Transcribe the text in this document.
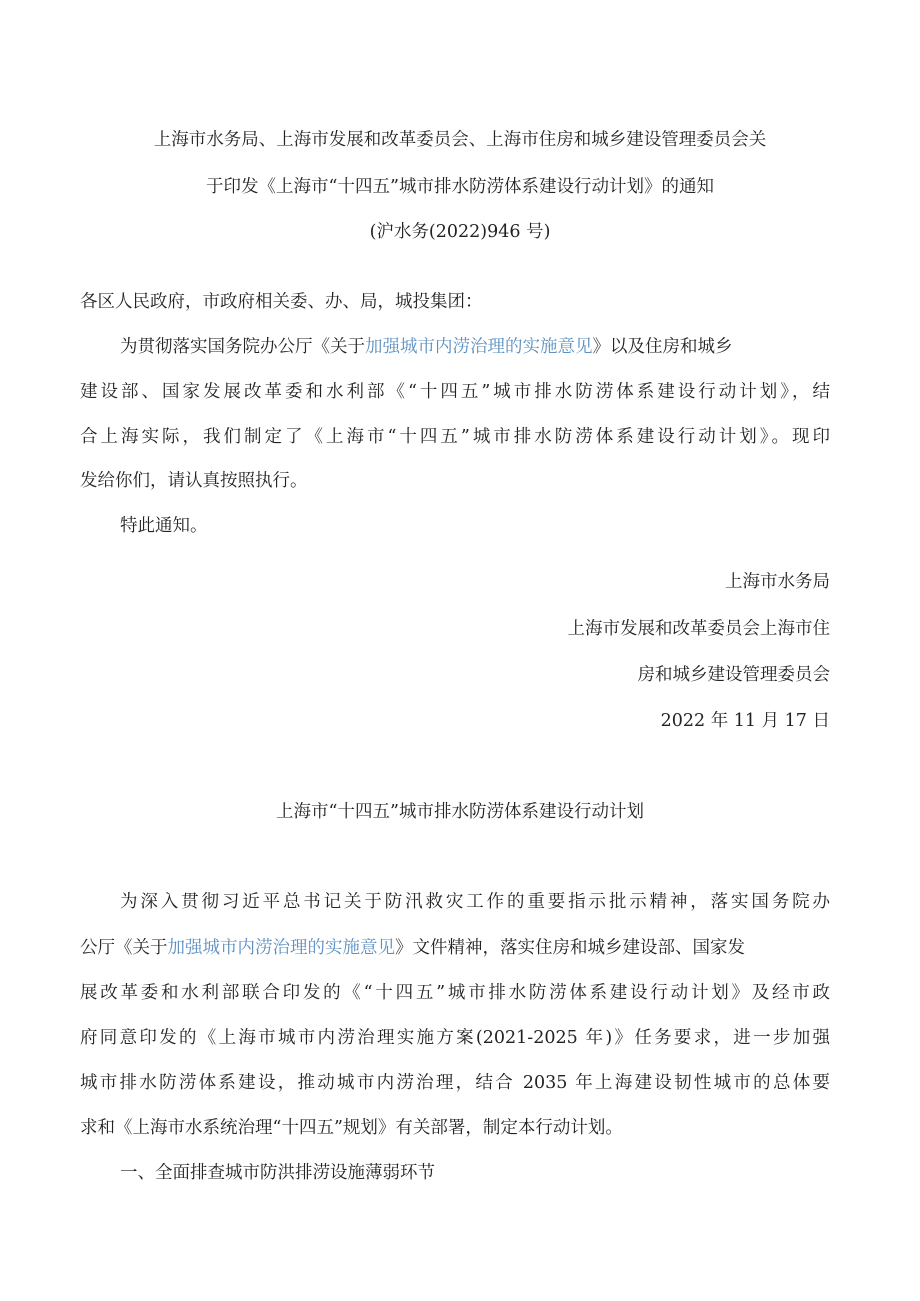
上海市水务局、上海市发展和改革委员会、上海市住房和城乡建设管理委员会关
于印发《上海市“十四五”城市排水防涝体系建设行动计划》的通知
(沪水务(2022)946 号)
各区人民政府，市政府相关委、办、局，城投集团：
为贯彻落实国务院办公厅《关于加强城市内涝治理的实施意见》以及住房和城乡
建设部、国家发展改革委和水利部《“十四五”城市排水防涝体系建设行动计划》，结
合上海实际，我们制定了《上海市“十四五”城市排水防涝体系建设行动计划》。现印
发给你们，请认真按照执行。
特此通知。
上海市水务局
上海市发展和改革委员会上海市住
房和城乡建设管理委员会
2022 年 11 月 17 日
上海市“十四五”城市排水防涝体系建设行动计划
为深入贯彻习近平总书记关于防汛救灾工作的重要指示批示精神，落实国务院办
公厅《关于加强城市内涝治理的实施意见》文件精神，落实住房和城乡建设部、国家发
展改革委和水利部联合印发的《“十四五”城市排水防涝体系建设行动计划》及经市政
府同意印发的《上海市城市内涝治理实施方案(2021-2025 年)》任务要求，进一步加强
城市排水防涝体系建设，推动城市内涝治理，结合 2035 年上海建设韧性城市的总体要
求和《上海市水系统治理“十四五”规划》有关部署，制定本行动计划。
一、全面排查城市防洪排涝设施薄弱环节
